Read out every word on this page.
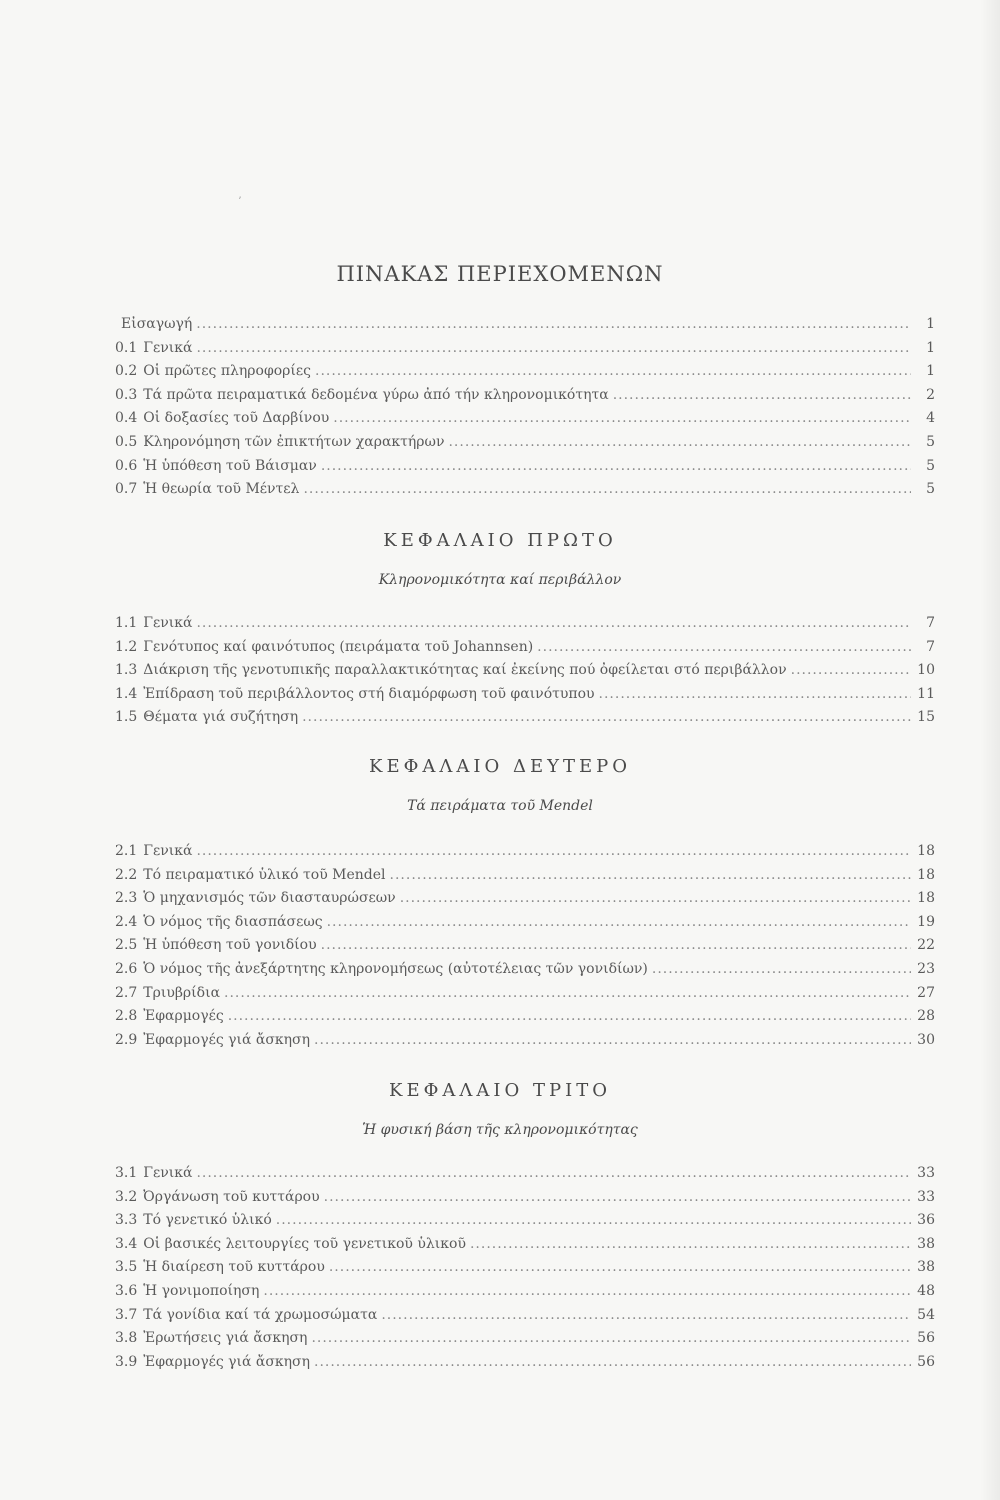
ʼ
ΠΙΝΑΚΑΣ ΠΕΡΙΕΧΟΜΕΝΩΝ
Εἰσαγωγή .....	1
0.1 Γενικά .....	1
0.2 Οἱ πρῶτες πληροφορίες .....	1
0.3 Τά πρῶτα πειραματικά δεδομένα γύρω ἀπό τήν κληρονομικότητα .....	2
0.4 Οἱ δοξασίες τοῦ Δαρβίνου .....	4
0.5 Κληρονόμηση τῶν ἐπικτήτων χαρακτήρων .....	5
0.6 Ἡ ὑπόθεση τοῦ Βάισμαν .....	5
0.7 Ἡ θεωρία τοῦ Μέντελ .....	5
ΚΕΦΑΛΑΙΟ ΠΡΩΤΟ
Κληρονομικότητα καί περιβάλλον
1.1 Γενικά .....	7
1.2 Γενότυπος καί φαινότυπος (πειράματα τοῦ Johannsen) .....	7
1.3 Διάκριση τῆς γενοτυπικῆς παραλλακτικότητας καί ἐκείνης πού ὀφείλεται στό περιβάλλον .....	10
1.4 Ἐπίδραση τοῦ περιβάλλοντος στή διαμόρφωση τοῦ φαινότυπου .....	11
1.5 Θέματα γιά συζήτηση .....	15
ΚΕΦΑΛΑΙΟ ΔΕΥΤΕΡΟ
Τά πειράματα τοῦ Mendel
2.1 Γενικά .....	18
2.2 Τό πειραματικό ὑλικό τοῦ Mendel .....	18
2.3 Ὁ μηχανισμός τῶν διασταυρώσεων .....	18
2.4 Ὁ νόμος τῆς διασπάσεως .....	19
2.5 Ἡ ὑπόθεση τοῦ γονιδίου .....	22
2.6 Ὁ νόμος τῆς ἀνεξάρτητης κληρονομήσεως (αὐτοτέλειας τῶν γονιδίων) .....	23
2.7 Τριυβρίδια .....	27
2.8 Ἐφαρμογές .....	28
2.9 Ἐφαρμογές γιά ἄσκηση .....	30
ΚΕΦΑΛΑΙΟ ΤΡΙΤΟ
Ἡ φυσική βάση τῆς κληρονομικότητας
3.1 Γενικά .....	33
3.2 Ὀργάνωση τοῦ κυττάρου .....	33
3.3 Τό γενετικό ὑλικό .....	36
3.4 Οἱ βασικές λειτουργίες τοῦ γενετικοῦ ὑλικοῦ .....	38
3.5 Ἡ διαίρεση τοῦ κυττάρου .....	38
3.6 Ἡ γονιμοποίηση .....	48
3.7 Τά γονίδια καί τά χρωμοσώματα .....	54
3.8 Ἐρωτήσεις γιά ἄσκηση .....	56
3.9 Ἐφαρμογές γιά ἄσκηση .....	56
